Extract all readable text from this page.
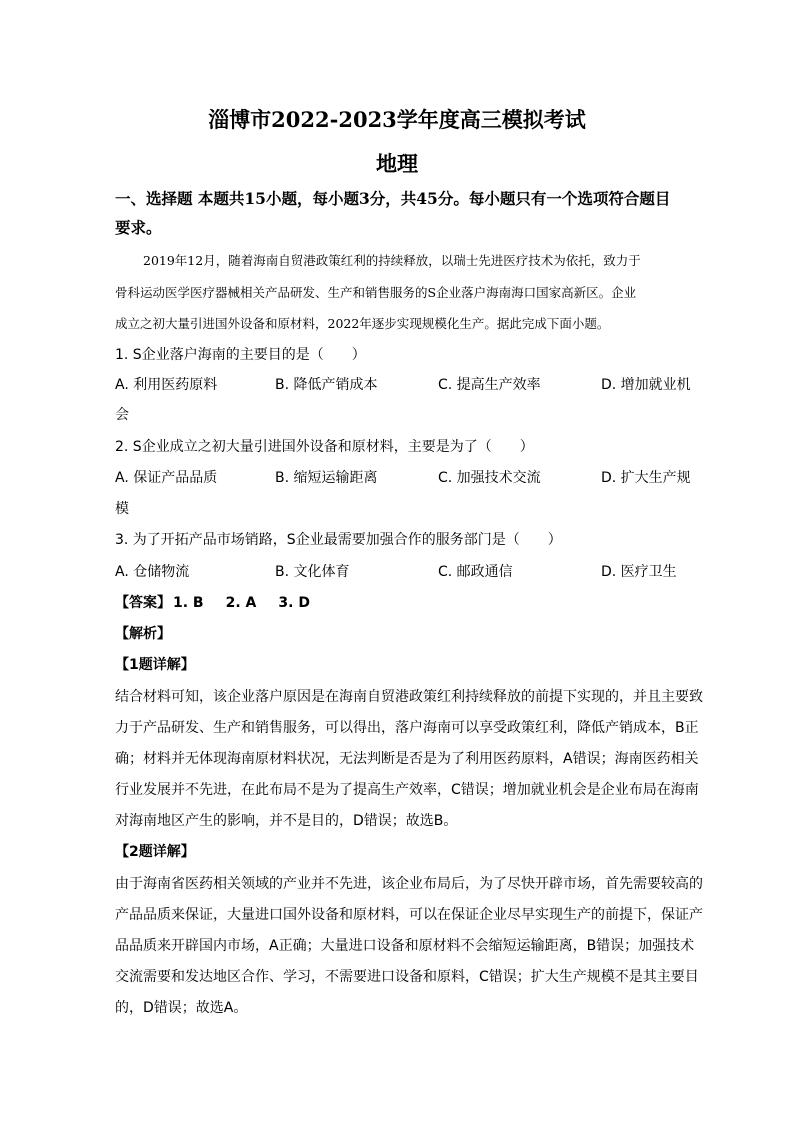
淄博市2022-2023学年度高三模拟考试
地理
一、选择题 本题共15小题，每小题3分，共45分。每小题只有一个选项符合题目
要求。
2019年12月，随着海南自贸港政策红利的持续释放，以瑞士先进医疗技术为依托，致力于
骨科运动医学医疗器械相关产品研发、生产和销售服务的S企业落户海南海口国家高新区。企业
成立之初大量引进国外设备和原材料，2022年逐步实现规模化生产。据此完成下面小题。
1. S企业落户海南的主要目的是（　　）
A. 利用医药原料	B. 降低产销成本	C. 提高生产效率	D. 增加就业机
会
2. S企业成立之初大量引进国外设备和原材料，主要是为了（　　）
A. 保证产品品质	B. 缩短运输距离	C. 加强技术交流	D. 扩大生产规
模
3. 为了开拓产品市场销路，S企业最需要加强合作的服务部门是（　　）
A. 仓储物流	B. 文化体育	C. 邮政通信	D. 医疗卫生
【答案】 1. B 2. A 3. D
【解析】
【1题详解】
结合材料可知，该企业落户原因是在海南自贸港政策红利持续释放的前提下实现的，并且主要致
力于产品研发、生产和销售服务，可以得出，落户海南可以享受政策红利，降低产销成本，B正
确；材料并无体现海南原材料状况，无法判断是否是为了利用医药原料，A错误；海南医药相关
行业发展并不先进，在此布局不是为了提高生产效率，C错误；增加就业机会是企业布局在海南
对海南地区产生的影响，并不是目的，D错误；故选B。
【2题详解】
由于海南省医药相关领域的产业并不先进，该企业布局后，为了尽快开辟市场，首先需要较高的
产品品质来保证，大量进口国外设备和原材料，可以在保证企业尽早实现生产的前提下，保证产
品品质来开辟国内市场，A正确；大量进口设备和原材料不会缩短运输距离，B错误；加强技术
交流需要和发达地区合作、学习，不需要进口设备和原料，C错误；扩大生产规模不是其主要目
的，D错误；故选A。
